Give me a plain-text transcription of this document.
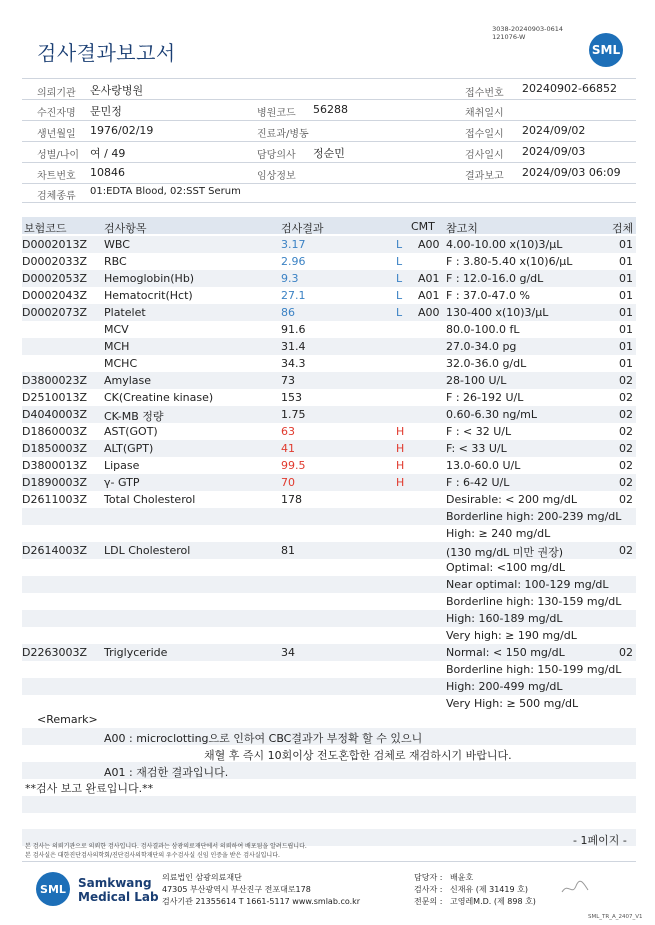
3038-20240903-0614
121076-W
SML
검사결과보고서
의뢰기관 온사랑병원	접수번호 20240902-66852
수진자명 문민정	병원코드 56288	채취일시
생년월일 1976/02/19	진료과/병동	접수일시 2024/09/02
성별/나이 여 / 49	담당의사 정순민	검사일시 2024/09/03
차트번호 10846	임상정보	결과보고 2024/09/03 06:09
검체종류 01:EDTA Blood, 02:SST Serum
보험코드	검사항목	검사결과	CMT 참고치	검체
D0002013Z WBC	3.17	L A00 4.00-10.00 x(10)3/μL	01
D0002033Z RBC	2.96	L	F : 3.80-5.40 x(10)6/μL	01
D0002053Z Hemoglobin(Hb)	9.3	L A01 F : 12.0-16.0 g/dL	01
D0002043Z Hematocrit(Hct)	27.1	L A01 F : 37.0-47.0 %	01
D0002073Z Platelet	86	L A00 130-400 x(10)3/μL	01
MCV	91.6	80.0-100.0 fL	01
MCH	31.4	27.0-34.0 pg	01
MCHC	34.3	32.0-36.0 g/dL	01
D3800023Z Amylase	73	28-100 U/L	02
D2510013Z CK(Creatine kinase)	153	F : 26-192 U/L	02
D4040003Z CK-MB 정량	1.75	0.60-6.30 ng/mL	02
D1860003Z AST(GOT)	63	H	F : < 32 U/L	02
D1850003Z ALT(GPT)	41	H	F: < 33 U/L	02
D3800013Z Lipase	99.5	H	13.0-60.0 U/L	02
D1890003Z γ- GTP	70	H	F : 6-42 U/L	02
D2611003Z Total Cholesterol	178	Desirable: < 200 mg/dL	02
Borderline high: 200-239 mg/dL
High: ≥ 240 mg/dL
D2614003Z LDL Cholesterol	81	(130 mg/dL 미만 권장)	02
Optimal: <100 mg/dL
Near optimal: 100-129 mg/dL
Borderline high: 130-159 mg/dL
High: 160-189 mg/dL
Very high: ≥ 190 mg/dL
D2263003Z Triglyceride	34	Normal: < 150 mg/dL	02
Borderline high: 150-199 mg/dL
High: 200-499 mg/dL
Very High: ≥ 500 mg/dL
<Remark>
A00 : microclotting으로 인하여 CBC결과가 부정확 할 수 있으니
채혈 후 즉시 10회이상 전도혼합한 검체로 재검하시기 바랍니다.
A01 : 재검한 결과입니다.
**검사 보고 완료입니다.**
- 1페이지 -
본 검사는 의뢰기관으로 의뢰한 검사입니다. 검사결과는 삼광의료재단에서 의뢰하여 배포됨을 알려드립니다.
본 검사실은 대한진단검사의학회/진단검사의학재단의 우수검사실 신임 인증을 받은 검사실입니다.
SML Samkwang
Medical Lab
의료법인 삼광의료재단
47305 부산광역시 부산진구 전포대로178
검사기관 21355614 T 1661-5117 www.smlab.co.kr
담당자 : 배윤호
검사자 : 신재유 (제 31419 호)
전문의 : 고영레M.D. (제 898 호)
SML_TR_A_2407_V1
